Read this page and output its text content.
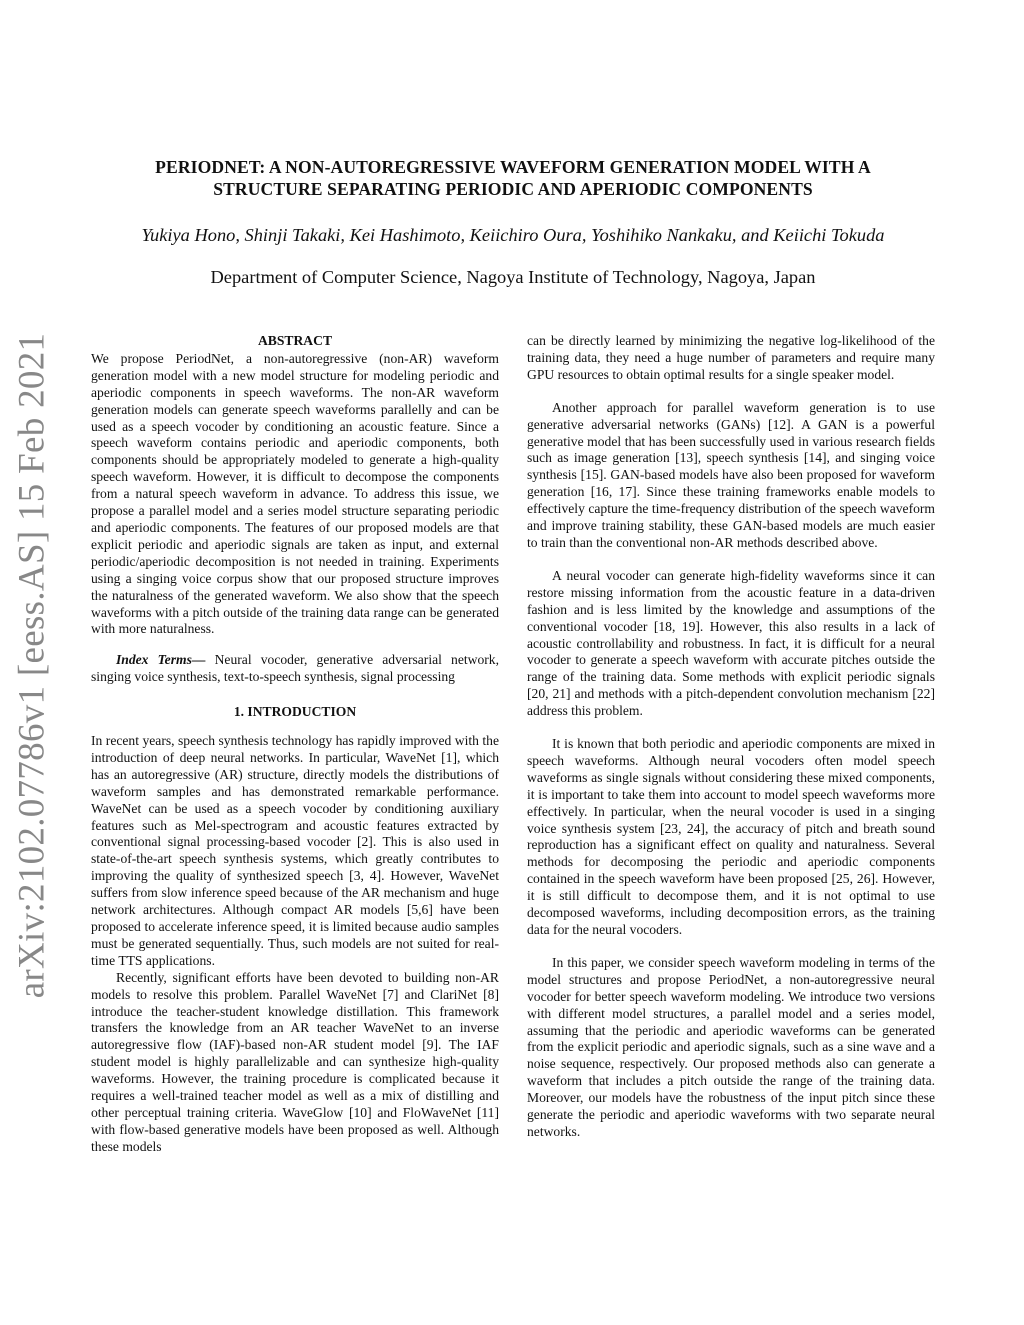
arXiv:2102.07786v1 [eess.AS] 15 Feb 2021
PERIODNET: A NON-AUTOREGRESSIVE WAVEFORM GENERATION MODEL WITH A
STRUCTURE SEPARATING PERIODIC AND APERIODIC COMPONENTS
Yukiya Hono, Shinji Takaki, Kei Hashimoto, Keiichiro Oura, Yoshihiko Nankaku, and Keiichi Tokuda
Department of Computer Science, Nagoya Institute of Technology, Nagoya, Japan
ABSTRACT

We propose PeriodNet, a non-autoregressive (non-AR) waveform generation model with a new model structure for modeling periodic and aperiodic components in speech waveforms. The non-AR waveform generation models can generate speech waveforms parallelly and can be used as a speech vocoder by conditioning an acoustic feature. Since a speech waveform contains periodic and aperiodic components, both components should be appropriately modeled to generate a high-quality speech waveform. However, it is difficult to decompose the components from a natural speech waveform in advance. To address this issue, we propose a parallel model and a series model structure separating periodic and aperiodic components. The features of our proposed models are that explicit periodic and aperiodic signals are taken as input, and external periodic/aperiodic decomposition is not needed in training. Experiments using a singing voice corpus show that our proposed structure improves the naturalness of the generated waveform. We also show that the speech waveforms with a pitch outside of the training data range can be generated with more naturalness.

Index Terms— Neural vocoder, generative adversarial network, singing voice synthesis, text-to-speech synthesis, signal processing

1. INTRODUCTION

In recent years, speech synthesis technology has rapidly improved with the introduction of deep neural networks. In particular, WaveNet [1], which has an autoregressive (AR) structure, directly models the distributions of waveform samples and has demonstrated remarkable performance. WaveNet can be used as a speech vocoder by conditioning auxiliary features such as Mel-spectrogram and acoustic features extracted by conventional signal processing-based vocoder [2]. This is also used in state-of-the-art speech synthesis systems, which greatly contributes to improving the quality of synthesized speech [3, 4]. However, WaveNet suffers from slow inference speed because of the AR mechanism and huge network architectures. Although compact AR models [5,6] have been proposed to accelerate inference speed, it is limited because audio samples must be generated sequentially. Thus, such models are not suited for real-time TTS applications.

Recently, significant efforts have been devoted to building non-AR models to resolve this problem. Parallel WaveNet [7] and ClariNet [8] introduce the teacher-student knowledge distillation. This framework transfers the knowledge from an AR teacher WaveNet to an inverse autoregressive flow (IAF)-based non-AR student model [9]. The IAF student model is highly parallelizable and can synthesize high-quality waveforms. However, the training procedure is complicated because it requires a well-trained teacher model as well as a mix of distilling and other perceptual training criteria. WaveGlow [10] and FloWaveNet [11] with flow-based generative models have been proposed as well. Although these models

can be directly learned by minimizing the negative log-likelihood of the training data, they need a huge number of parameters and require many GPU resources to obtain optimal results for a single speaker model.

Another approach for parallel waveform generation is to use generative adversarial networks (GANs) [12]. A GAN is a powerful generative model that has been successfully used in various research fields such as image generation [13], speech synthesis [14], and singing voice synthesis [15]. GAN-based models have also been proposed for waveform generation [16, 17]. Since these training frameworks enable models to effectively capture the time-frequency distribution of the speech waveform and improve training stability, these GAN-based models are much easier to train than the conventional non-AR methods described above.

A neural vocoder can generate high-fidelity waveforms since it can restore missing information from the acoustic feature in a data-driven fashion and is less limited by the knowledge and assumptions of the conventional vocoder [18, 19]. However, this also results in a lack of acoustic controllability and robustness. In fact, it is difficult for a neural vocoder to generate a speech waveform with accurate pitches outside the range of the training data. Some methods with explicit periodic signals [20, 21] and methods with a pitch-dependent convolution mechanism [22] address this problem.

It is known that both periodic and aperiodic components are mixed in speech waveforms. Although neural vocoders often model speech waveforms as single signals without considering these mixed components, it is important to take them into account to model speech waveforms more effectively. In particular, when the neural vocoder is used in a singing voice synthesis system [23, 24], the accuracy of pitch and breath sound reproduction has a significant effect on quality and naturalness. Several methods for decomposing the periodic and aperiodic components contained in the speech waveform have been proposed [25, 26]. However, it is still difficult to decompose them, and it is not optimal to use decomposed waveforms, including decomposition errors, as the training data for the neural vocoders.

In this paper, we consider speech waveform modeling in terms of the model structures and propose PeriodNet, a non-autoregressive neural vocoder for better speech waveform modeling. We introduce two versions with different model structures, a parallel model and a series model, assuming that the periodic and aperiodic waveforms can be generated from the explicit periodic and aperiodic signals, such as a sine wave and a noise sequence, respectively. Our proposed methods also can generate a waveform that includes a pitch outside the range of the training data. Moreover, our models have the robustness of the input pitch since these generate the periodic and aperiodic waveforms with two separate neural networks.
